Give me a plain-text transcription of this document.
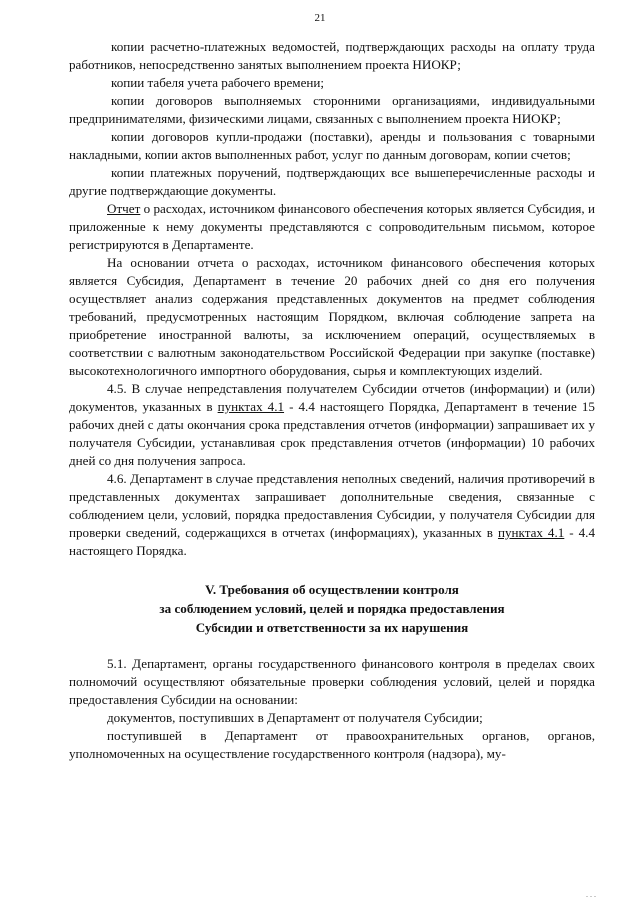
21

копии расчетно-платежных ведомостей, подтверждающих расходы на оплату труда работников, непосредственно занятых выполнением проекта НИОКР;

копии табеля учета рабочего времени;

копии договоров выполняемых сторонними организациями, индивидуальными предпринимателями, физическими лицами, связанных с выполнением проекта НИОКР;

копии договоров купли-продажи (поставки), аренды и пользования с товарными накладными, копии актов выполненных работ, услуг по данным договорам, копии счетов;

копии платежных поручений, подтверждающих все вышеперечисленные расходы и другие подтверждающие документы.

Отчет о расходах, источником финансового обеспечения которых является Субсидия, и приложенные к нему документы представляются с сопроводительным письмом, которое регистрируются в Департаменте.

На основании отчета о расходах, источником финансового обеспечения которых является Субсидия, Департамент в течение 20 рабочих дней со дня его получения осуществляет анализ содержания представленных документов на предмет соблюдения требований, предусмотренных настоящим Порядком, включая соблюдение запрета на приобретение иностранной валюты, за исключением операций, осуществляемых в соответствии с валютным законодательством Российской Федерации при закупке (поставке) высокотехнологичного импортного оборудования, сырья и комплектующих изделий.

4.5. В случае непредставления получателем Субсидии отчетов (информации) и (или) документов, указанных в пунктах 4.1 - 4.4 настоящего Порядка, Департамент в течение 15 рабочих дней с даты окончания срока представления отчетов (информации) запрашивает их у получателя Субсидии, устанавливая срок представления отчетов (информации) 10 рабочих дней со дня получения запроса.

4.6. Департамент в случае представления неполных сведений, наличия противоречий в представленных документах запрашивает дополнительные сведения, связанные с соблюдением цели, условий, порядка предоставления Субсидии, у получателя Субсидии для проверки сведений, содержащихся в отчетах (информациях), указанных в пунктах 4.1 - 4.4 настоящего Порядка.

V. Требования об осуществлении контроля
за соблюдением условий, целей и порядка предоставления
Субсидии и ответственности за их нарушения

5.1. Департамент, органы государственного финансового контроля в пределах своих полномочий осуществляют обязательные проверки соблюдения условий, целей и порядка предоставления Субсидии на основании:

документов, поступивших в Департамент от получателя Субсидии;

поступившей в Департамент от правоохранительных органов, органов, уполномоченных на осуществление государственного контроля (надзора), му-

. . .
